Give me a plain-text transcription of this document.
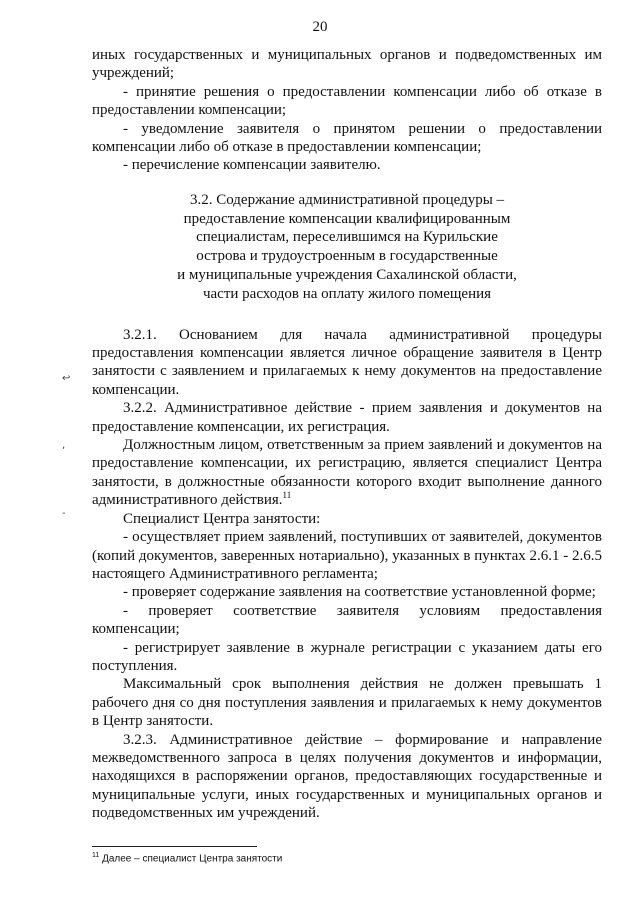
20
↩
,
-

иных государственных и муниципальных органов и подведомственных им учреждений;

- принятие решения о предоставлении компенсации либо об отказе в предоставлении компенсации;

- уведомление заявителя о принятом решении о предоставлении компенсации либо об отказе в предоставлении компенсации;

- перечисление компенсации заявителю.

3.2. Содержание административной процедуры –
предоставление компенсации квалифицированным
специалистам, переселившимся на Курильские
острова и трудоустроенным в государственные
и муниципальные учреждения Сахалинской области,
части расходов на оплату жилого помещения

3.2.1. Основанием для начала административной процедуры предоставления компенсации является личное обращение заявителя в Центр занятости с заявлением и прилагаемых к нему документов на предоставление компенсации.

3.2.2. Административное действие - прием заявления и документов на предоставление компенсации, их регистрация.

Должностным лицом, ответственным за прием заявлений и документов на предоставление компенсации, их регистрацию, является специалист Центра занятости, в должностные обязанности которого входит выполнение данного административного действия.$^{11}$

Специалист Центра занятости:

- осуществляет прием заявлений, поступивших от заявителей, документов (копий документов, заверенных нотариально), указанных в пунктах 2.6.1 - 2.6.5 настоящего Административного регламента;

- проверяет содержание заявления на соответствие установленной форме;

- проверяет соответствие заявителя условиям предоставления компенсации;

- регистрирует заявление в журнале регистрации с указанием даты его поступления.

Максимальный срок выполнения действия не должен превышать 1 рабочего дня со дня поступления заявления и прилагаемых к нему документов в Центр занятости.

3.2.3. Административное действие – формирование и направление межведомственного запроса в целях получения документов и информации, находящихся в распоряжении органов, предоставляющих государственные и муниципальные услуги, иных государственных и муниципальных органов и подведомственных им учреждений.

$^{11}$ Далее – специалист Центра занятости
